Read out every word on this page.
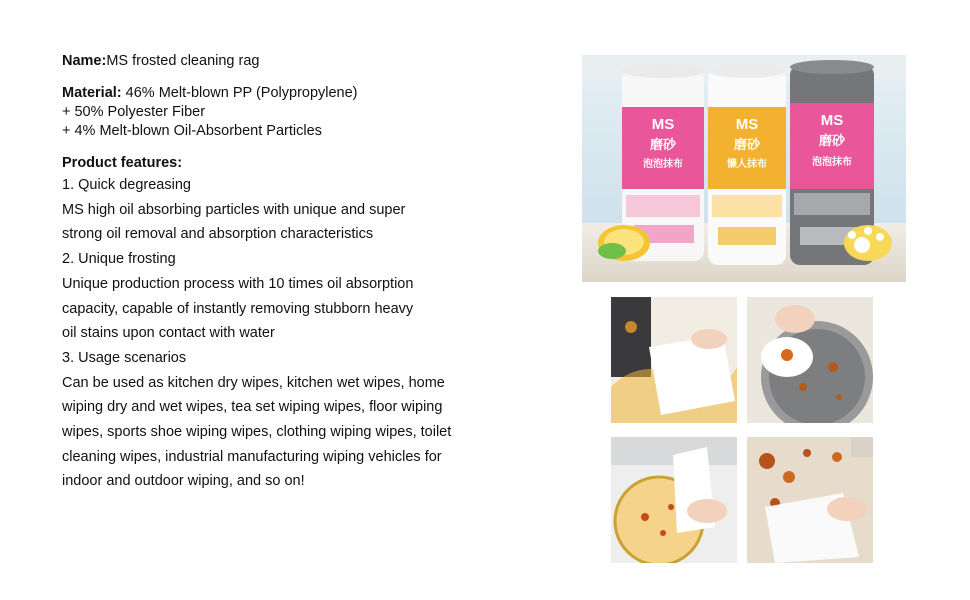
Name:MS frosted cleaning rag
Material: 46% Melt-blown PP (Polypropylene)
+ 50% Polyester Fiber
+ 4% Melt-blown Oil-Absorbent Particles
Product features:
1. Quick degreasing
MS high oil absorbing particles with unique and super
strong oil removal and absorption characteristics
2. Unique frosting
Unique production process with 10 times oil absorption
capacity, capable of instantly removing stubborn heavy
oil stains upon contact with water
3. Usage scenarios
Can be used as kitchen dry wipes, kitchen wet wipes, home
wiping dry and wet wipes, tea set wiping wipes, floor wiping
wipes, sports shoe wiping wipes, clothing wiping wipes, toilet
cleaning wipes, industrial manufacturing wiping vehicles for
indoor and outdoor wiping, and so on!
MS
磨砂
泡泡抹布
MS
磨砂
懒人抹布
MS
磨砂
泡泡抹布
